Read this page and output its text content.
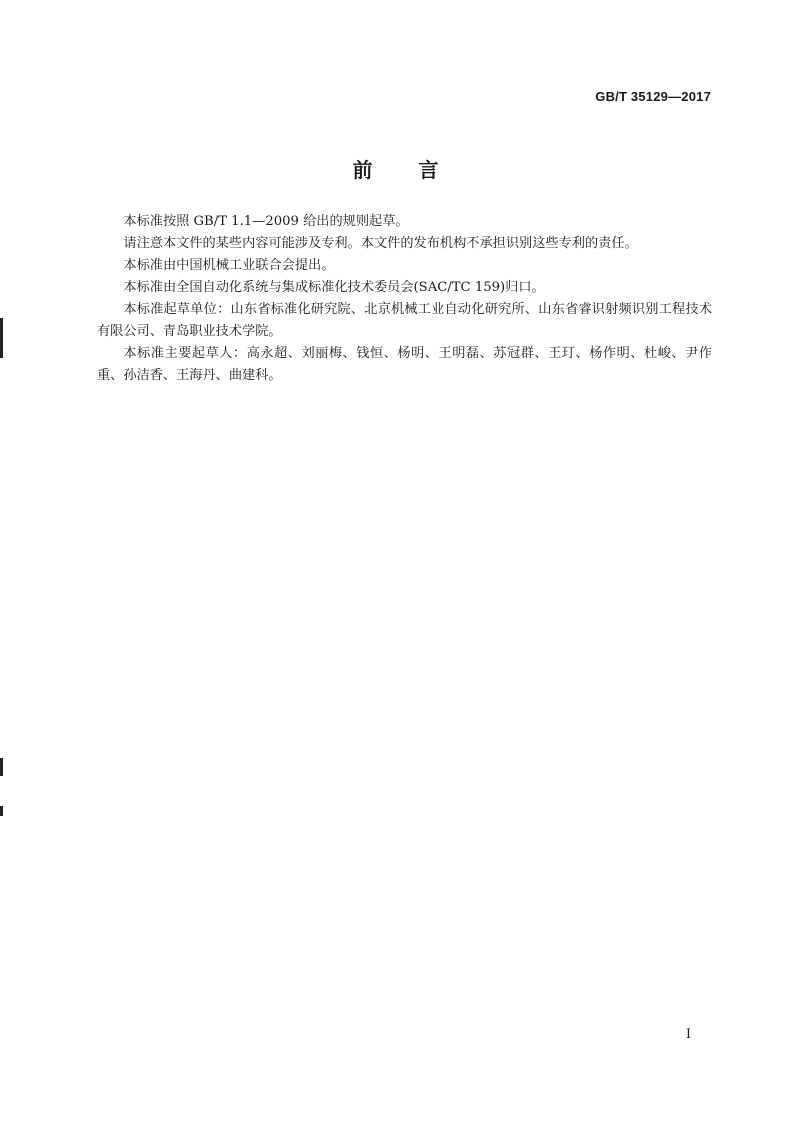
GB/T 35129—2017
前言

本标准按照 GB/T 1.1—2009 给出的规则起草。

请注意本文件的某些内容可能涉及专利。本文件的发布机构不承担识别这些专利的责任。

本标准由中国机械工业联合会提出。

本标准由全国自动化系统与集成标准化技术委员会(SAC/TC 159)归口。

本标准起草单位：山东省标准化研究院、北京机械工业自动化研究所、山东省睿识射频识别工程技术有限公司、青岛职业技术学院。

本标准主要起草人：高永超、刘丽梅、钱恒、杨明、王明磊、苏冠群、王玎、杨作明、杜峻、尹作重、孙洁香、王海丹、曲建科。

I
